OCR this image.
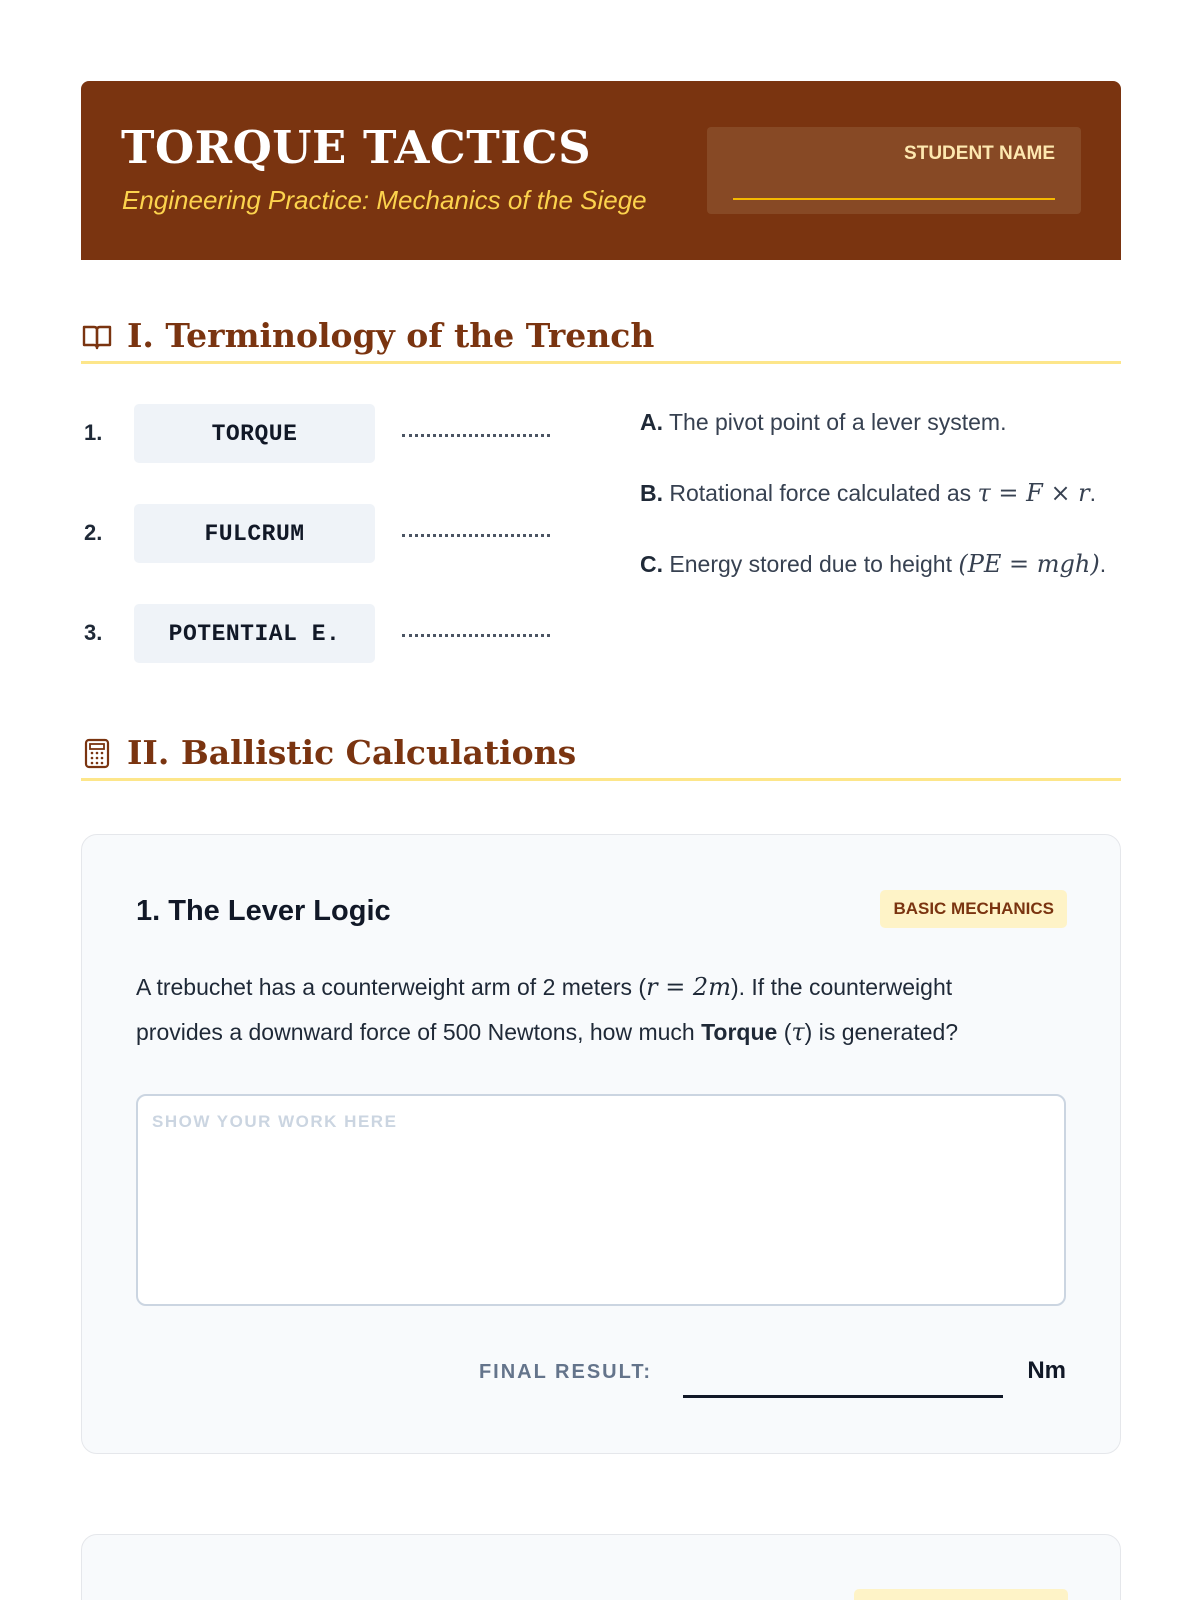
TORQUE TACTICS
Engineering Practice: Mechanics of the Siege
STUDENT NAME
I. Terminology of the Trench
1.	TORQUE
2.	FULCRUM
3.	POTENTIAL E.
A. The pivot point of a lever system.
B. Rotational force calculated as τ = F × r.
C. Energy stored due to height (PE = mgh).
II. Ballistic Calculations
1. The Lever Logic	BASIC MECHANICS
A trebuchet has a counterweight arm of 2 meters (r = 2m). If the counterweight provides a downward force of 500 Newtons, how much Torque (τ) is generated?
SHOW YOUR WORK HERE
FINAL RESULT:	Nm
